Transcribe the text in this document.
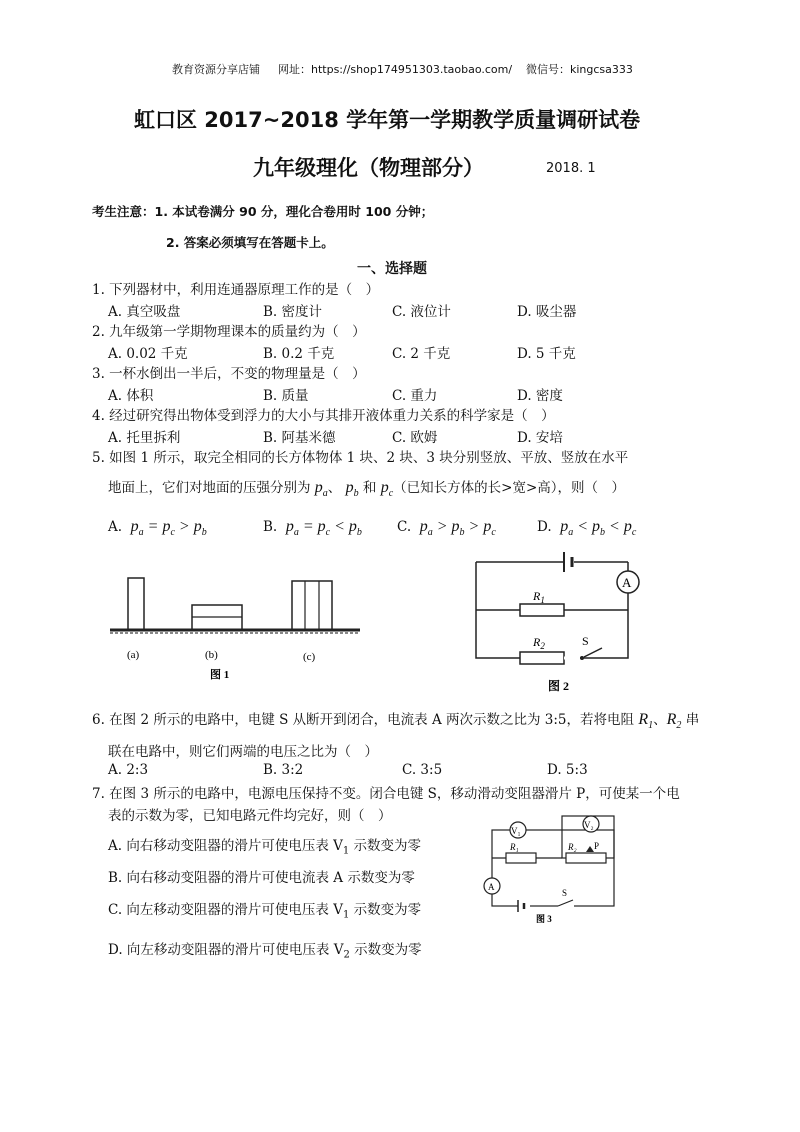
教育资源分享店铺 网址：https://shop174951303.taobao.com/ 微信号：kingcsa333
虹口区 2017~2018 学年第一学期教学质量调研试卷
九年级理化（物理部分）	2018. 1
考生注意：1. 本试卷满分 90 分，理化合卷用时 100 分钟；
2. 答案必须填写在答题卡上。
一、选择题
1. 下列器材中，利用连通器原理工作的是（　）
A. 真空吸盘	B. 密度计	C. 液位计	D. 吸尘器
2. 九年级第一学期物理课本的质量约为（　）
A. 0.02 千克	B. 0.2 千克	C. 2 千克	D. 5 千克
3. 一杯水倒出一半后，不变的物理量是（　）
A. 体积	B. 质量	C. 重力	D. 密度
4. 经过研究得出物体受到浮力的大小与其排开液体重力关系的科学家是（　）
A. 托里拆利	B. 阿基米德	C. 欧姆	D. 安培
5. 如图 1 所示，取完全相同的长方体物体 1 块、2 块、3 块分别竖放、平放、竖放在水平
地面上，它们对地面的压强分别为 $p_a$、 $p_b$ 和 $p_c$（已知长方体的长>宽>高），则（　）
A. $p_a = p_c > p_b$	B. $p_a = p_c < p_b$	C. $p_a > p_b > p_c$	D. $p_a < p_b < p_c$
(a)	(b)	(c)
图 1
A
$R_1$
$R_2$	S
图 2
6. 在图 2 所示的电路中，电键 S 从断开到闭合，电流表 A 两次示数之比为 3:5，若将电阻 $R_1$、$R_2$ 串
联在电路中，则它们两端的电压之比为（　）
A. 2:3	B. 3:2	C. 3:5	D. 5:3
7. 在图 3 所示的电路中，电源电压保持不变。闭合电键 S，移动滑动变阻器滑片 P，可使某一个电
表的示数为零，已知电路元件均完好，则（　）
A. 向右移动变阻器的滑片可使电压表 $V_1$ 示数变为零
B. 向右移动变阻器的滑片可使电流表 A 示数变为零
C. 向左移动变阻器的滑片可使电压表 $V_1$ 示数变为零
D. 向左移动变阻器的滑片可使电压表 $V_2$ 示数变为零
V₁
V₂
R₁	R₂ P
A
S
图 3
